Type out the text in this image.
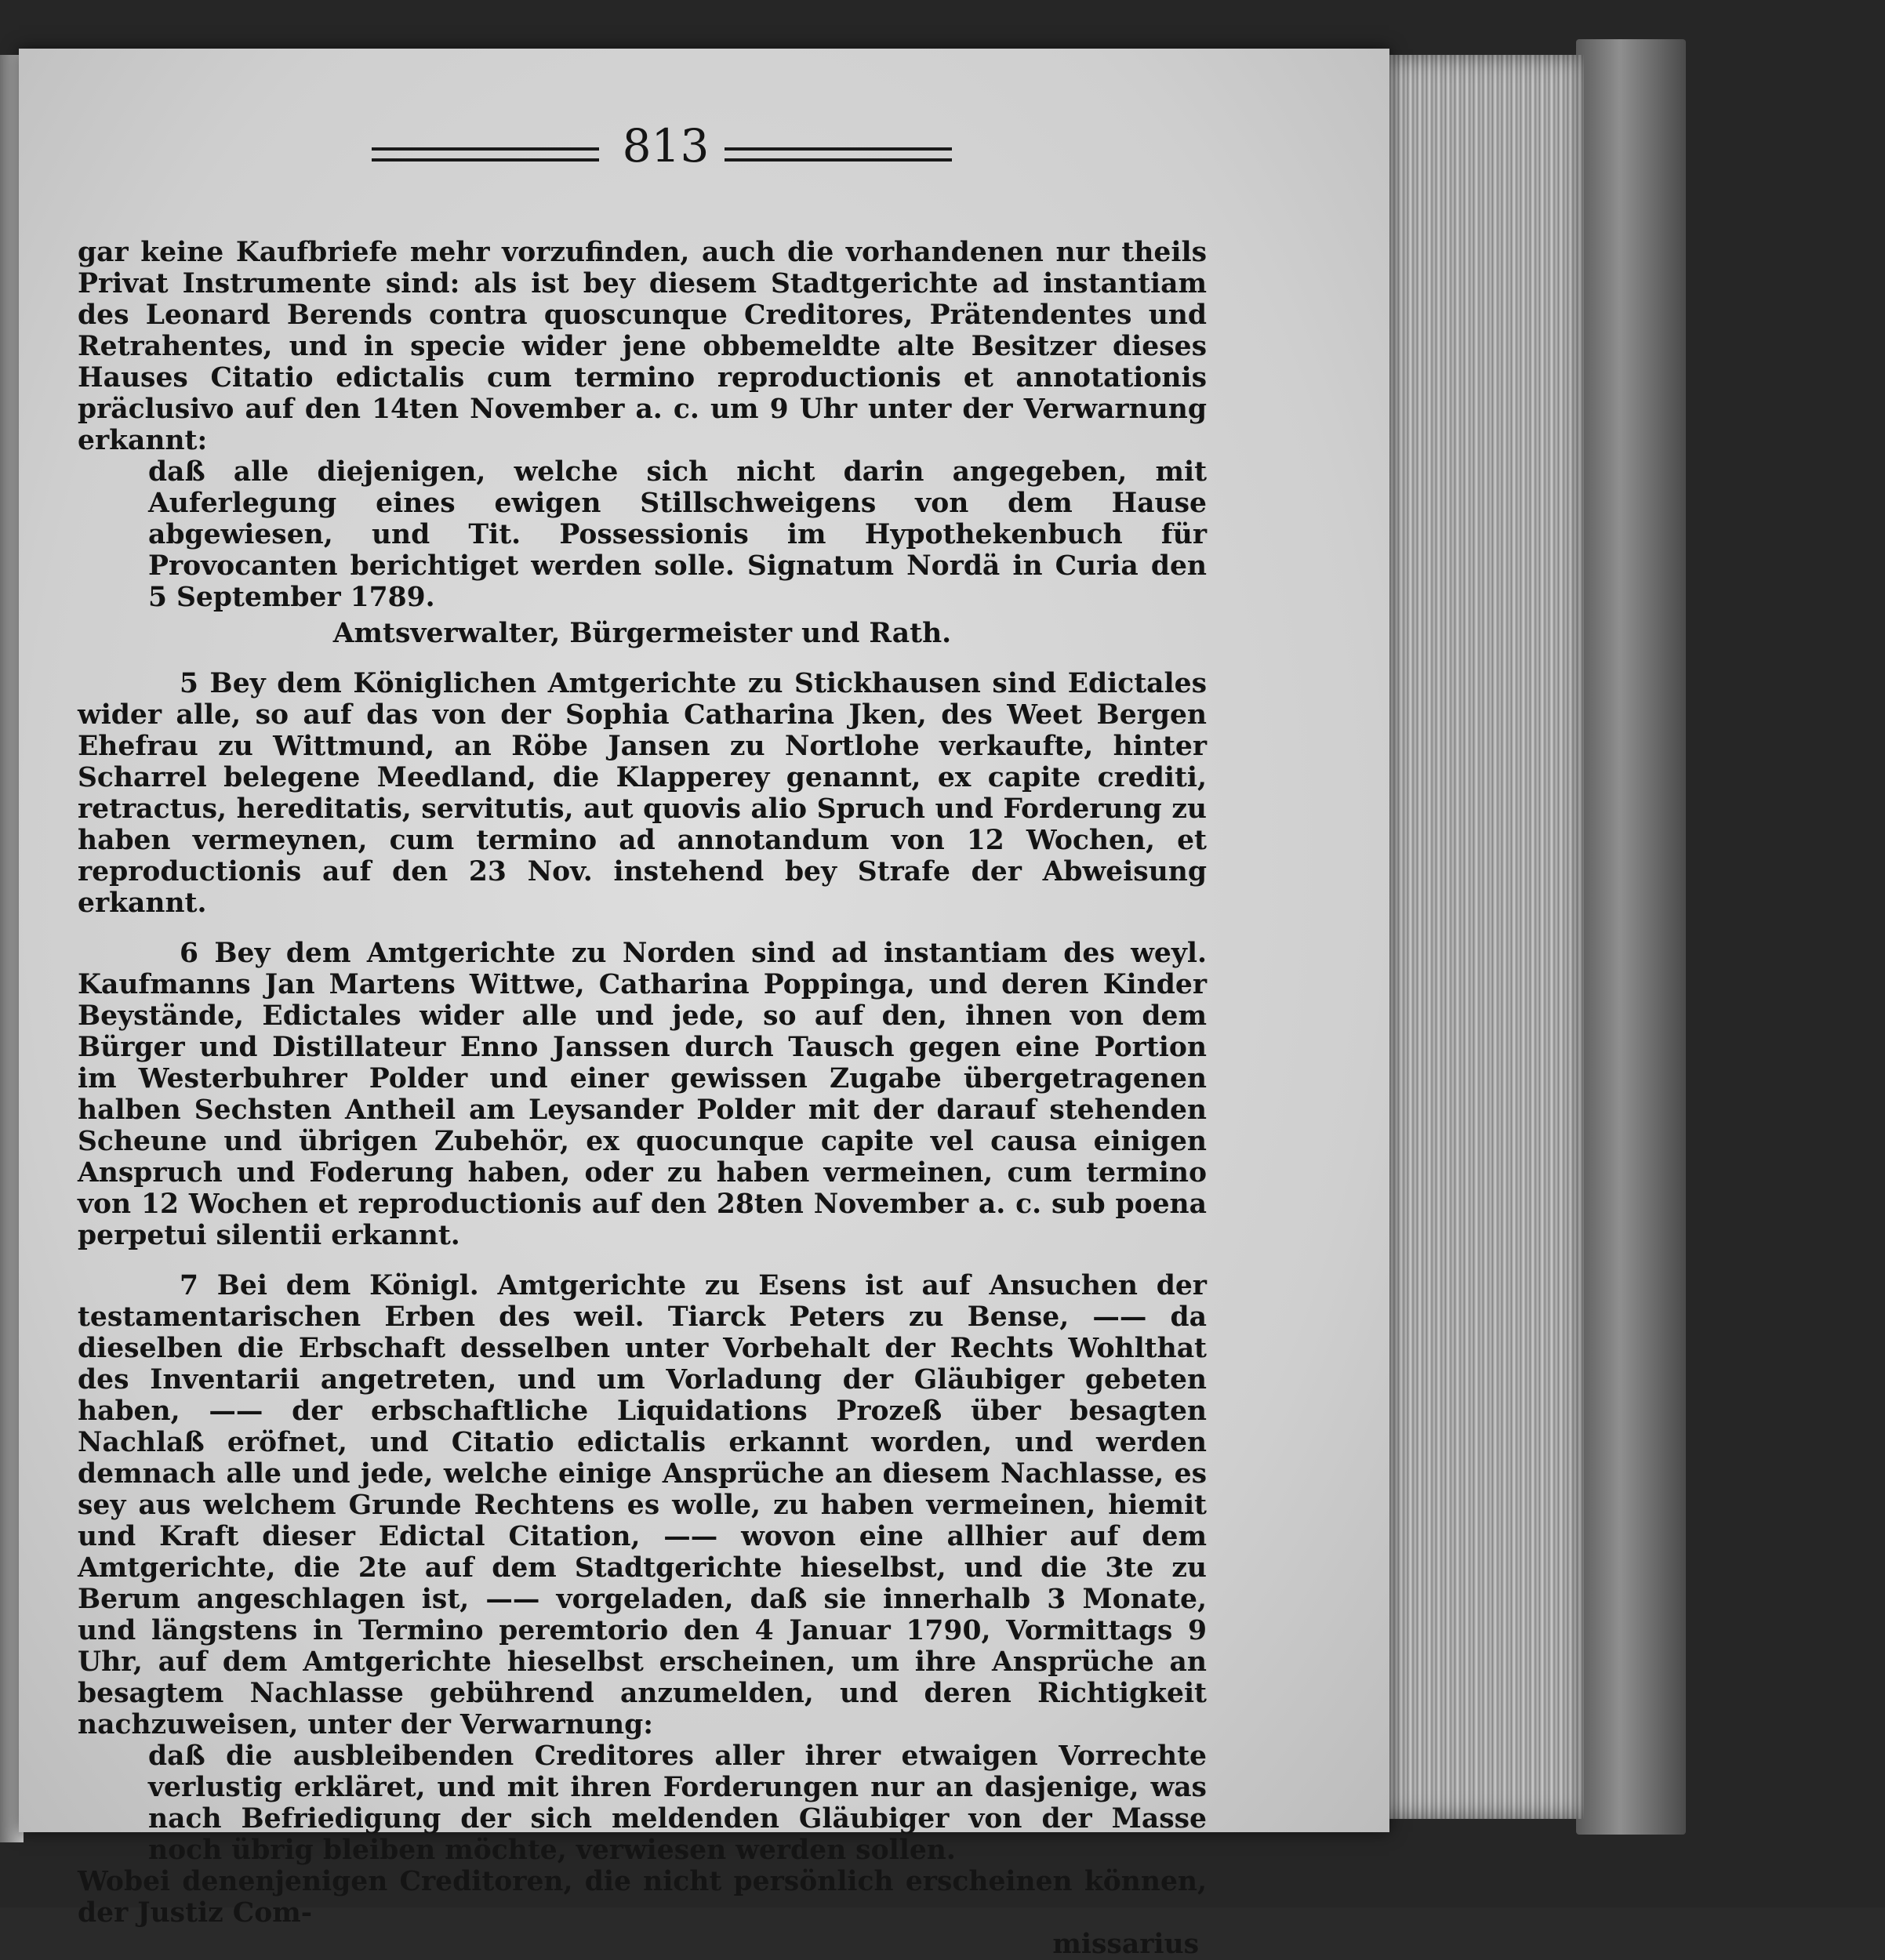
813

gar keine Kaufbriefe mehr vorzufinden, auch die vorhandenen nur theils Privat Instrumente sind: als ist bey diesem Stadtgerichte ad instantiam des Leonard Berends contra quoscunque Creditores, Prätendentes und Retrahentes, und in specie wider jene obbemeldte alte Besitzer dieses Hauses Citatio edictalis cum termino reproductionis et annotationis präclusivo auf den 14ten November a. c. um 9 Uhr unter der Verwarnung erkannt:

daß alle diejenigen, welche sich nicht darin angegeben, mit Auferlegung eines ewigen Stillschweigens von dem Hause abgewiesen, und Tit. Possessionis im Hypothekenbuch für Provocanten berichtiget werden solle. Signatum Nordä in Curia den 5 September 1789.

Amtsverwalter, Bürgermeister und Rath.

5 Bey dem Königlichen Amtgerichte zu Stickhausen sind Edictales wider alle, so auf das von der Sophia Catharina Jken, des Weet Bergen Ehefrau zu Wittmund, an Röbe Jansen zu Nortlohe verkaufte, hinter Scharrel belegene Meedland, die Klapperey genannt, ex capite crediti, retractus, hereditatis, servitutis, aut quovis alio Spruch und Forderung zu haben vermeynen, cum termino ad annotandum von 12 Wochen, et reproductionis auf den 23 Nov. instehend bey Strafe der Abweisung erkannt.

6 Bey dem Amtgerichte zu Norden sind ad instantiam des weyl. Kaufmanns Jan Martens Wittwe, Catharina Poppinga, und deren Kinder Beystände, Edictales wider alle und jede, so auf den, ihnen von dem Bürger und Distillateur Enno Janssen durch Tausch gegen eine Portion im Westerbuhrer Polder und einer gewissen Zugabe übergetragenen halben Sechsten Antheil am Leysander Polder mit der darauf stehenden Scheune und übrigen Zubehör, ex quocunque capite vel causa einigen Anspruch und Foderung haben, oder zu haben vermeinen, cum termino von 12 Wochen et reproductionis auf den 28ten November a. c. sub poena perpetui silentii erkannt.

7 Bei dem Königl. Amtgerichte zu Esens ist auf Ansuchen der testamentarischen Erben des weil. Tiarck Peters zu Bense, —— da dieselben die Erbschaft desselben unter Vorbehalt der Rechts Wohlthat des Inventarii angetreten, und um Vorladung der Gläubiger gebeten haben, —— der erbschaftliche Liquidations Prozeß über besagten Nachlaß eröfnet, und Citatio edictalis erkannt worden, und werden demnach alle und jede, welche einige Ansprüche an diesem Nachlasse, es sey aus welchem Grunde Rechtens es wolle, zu haben vermeinen, hiemit und Kraft dieser Edictal Citation, —— wovon eine allhier auf dem Amtgerichte, die 2te auf dem Stadtgerichte hieselbst, und die 3te zu Berum angeschlagen ist, —— vorgeladen, daß sie innerhalb 3 Monate, und längstens in Termino peremtorio den 4 Januar 1790, Vormittags 9 Uhr, auf dem Amtgerichte hieselbst erscheinen, um ihre Ansprüche an besagtem Nachlasse gebührend anzumelden, und deren Richtigkeit nachzuweisen, unter der Verwarnung:

daß die ausbleibenden Creditores aller ihrer etwaigen Vorrechte verlustig erkläret, und mit ihren Forderungen nur an dasjenige, was nach Befriedigung der sich meldenden Gläubiger von der Masse noch übrig bleiben möchte, verwiesen werden sollen.

Wobei denenjenigen Creditoren, die nicht persönlich erscheinen können, der Justiz Com-

missarius
